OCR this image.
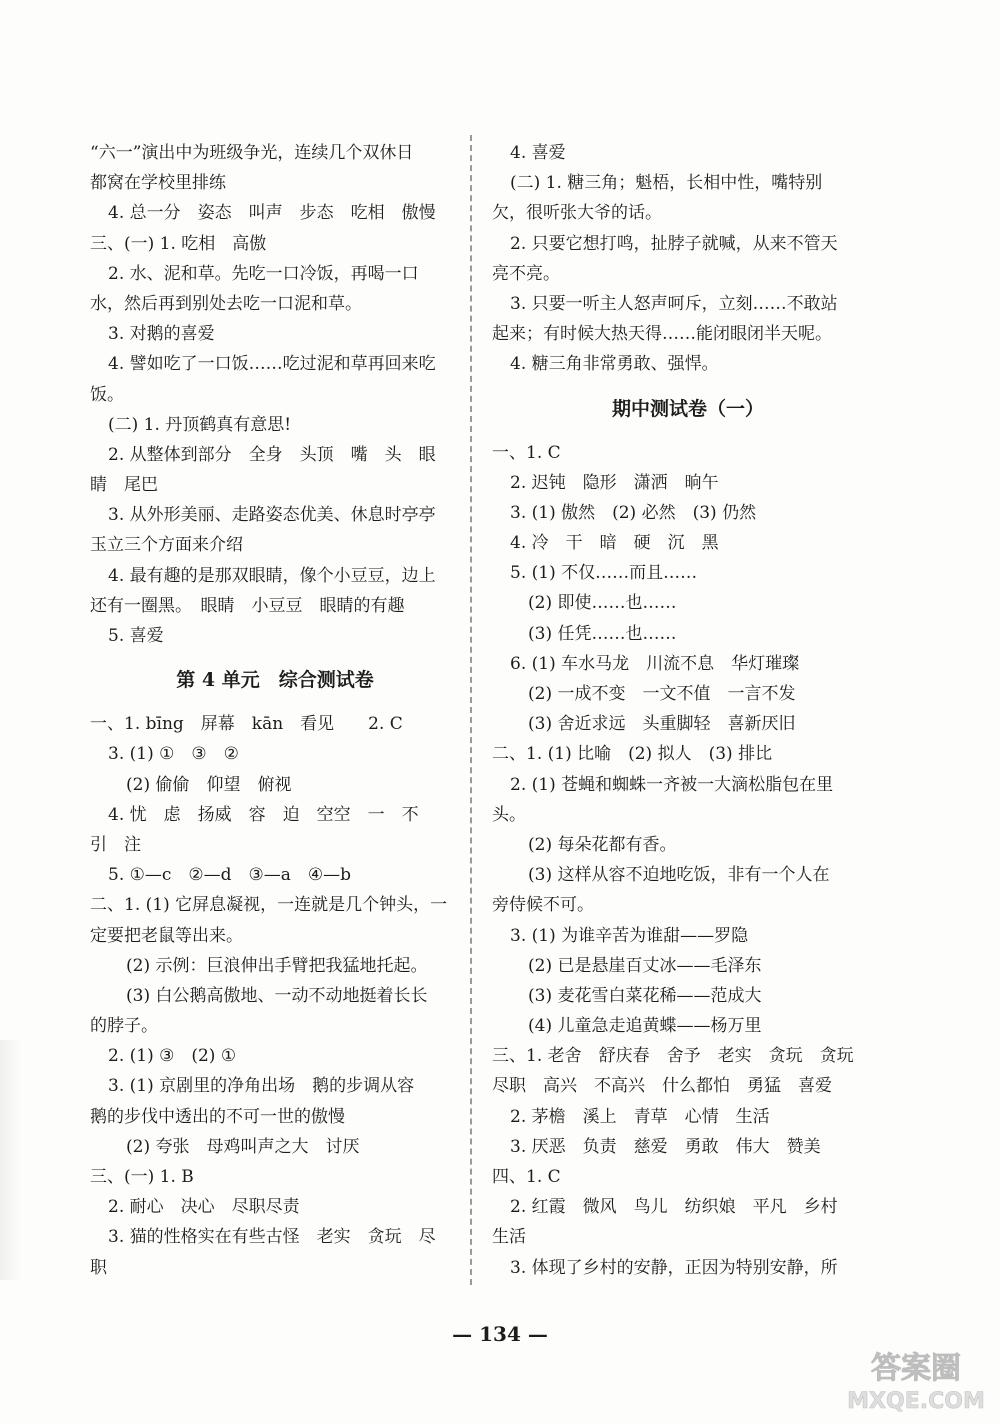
“六一”演出中为班级争光，连续几个双休日
都窝在学校里排练
4. 总一分　姿态　叫声　步态　吃相　傲慢
三、(一) 1. 吃相　高傲
2. 水、泥和草。先吃一口冷饭，再喝一口
水，然后再到别处去吃一口泥和草。
3. 对鹅的喜爱
4. 譬如吃了一口饭……吃过泥和草再回来吃
饭。
(二) 1. 丹顶鹤真有意思!
2. 从整体到部分　全身　头顶　嘴　头　眼
睛　尾巴
3. 从外形美丽、走路姿态优美、休息时亭亭
玉立三个方面来介绍
4. 最有趣的是那双眼睛，像个小豆豆，边上
还有一圈黑。　眼睛　小豆豆　眼睛的有趣
5. 喜爱
第 4 单元　综合测试卷
一、1. bīng　屏幕　kān　看见　　2. C
3. (1) ①　③　②
(2) 偷偷　仰望　俯视
4. 忧　虑　扬威　容　迫　空空　一　不
引　注
5. ①—c　②—d　③—a　④—b
二、1. (1) 它屏息凝视，一连就是几个钟头，一
定要把老鼠等出来。
(2) 示例：巨浪伸出手臂把我猛地托起。
(3) 白公鹅高傲地、一动不动地挺着长长
的脖子。
2. (1) ③　(2) ①
3. (1) 京剧里的净角出场　鹅的步调从容
鹅的步伐中透出的不可一世的傲慢
(2) 夸张　母鸡叫声之大　讨厌
三、(一) 1. B
2. 耐心　决心　尽职尽责
3. 猫的性格实在有些古怪　老实　贪玩　尽
职
4. 喜爱
(二) 1. 糖三角；魁梧，长相中性，嘴特别
欠，很听张大爷的话。
2. 只要它想打鸣，扯脖子就喊，从来不管天
亮不亮。
3. 只要一听主人怒声呵斥，立刻……不敢站
起来；有时候大热天得……能闭眼闭半天呢。
4. 糖三角非常勇敢、强悍。
期中测试卷（一）
一、1. C
2. 迟钝　隐形　潇洒　晌午
3. (1) 傲然　(2) 必然　(3) 仍然
4. 冷　干　暗　硬　沉　黑
5. (1) 不仅……而且……
(2) 即使……也……
(3) 任凭……也……
6. (1) 车水马龙　川流不息　华灯璀璨
(2) 一成不变　一文不值　一言不发
(3) 舍近求远　头重脚轻　喜新厌旧
二、1. (1) 比喻　(2) 拟人　(3) 排比
2. (1) 苍蝇和蜘蛛一齐被一大滴松脂包在里
头。
(2) 每朵花都有香。
(3) 这样从容不迫地吃饭，非有一个人在
旁侍候不可。
3. (1) 为谁辛苦为谁甜——罗隐
(2) 已是悬崖百丈冰——毛泽东
(3) 麦花雪白菜花稀——范成大
(4) 儿童急走追黄蝶——杨万里
三、1. 老舍　舒庆春　舍予　老实　贪玩　贪玩
尽职　高兴　不高兴　什么都怕　勇猛　喜爱
2. 茅檐　溪上　青草　心情　生活
3. 厌恶　负责　慈爱　勇敢　伟大　赞美
四、1. C
2. 红霞　微风　鸟儿　纺织娘　平凡　乡村
生活
3. 体现了乡村的安静，正因为特别安静，所
— 134 —
答案圈
MXQE.COM
